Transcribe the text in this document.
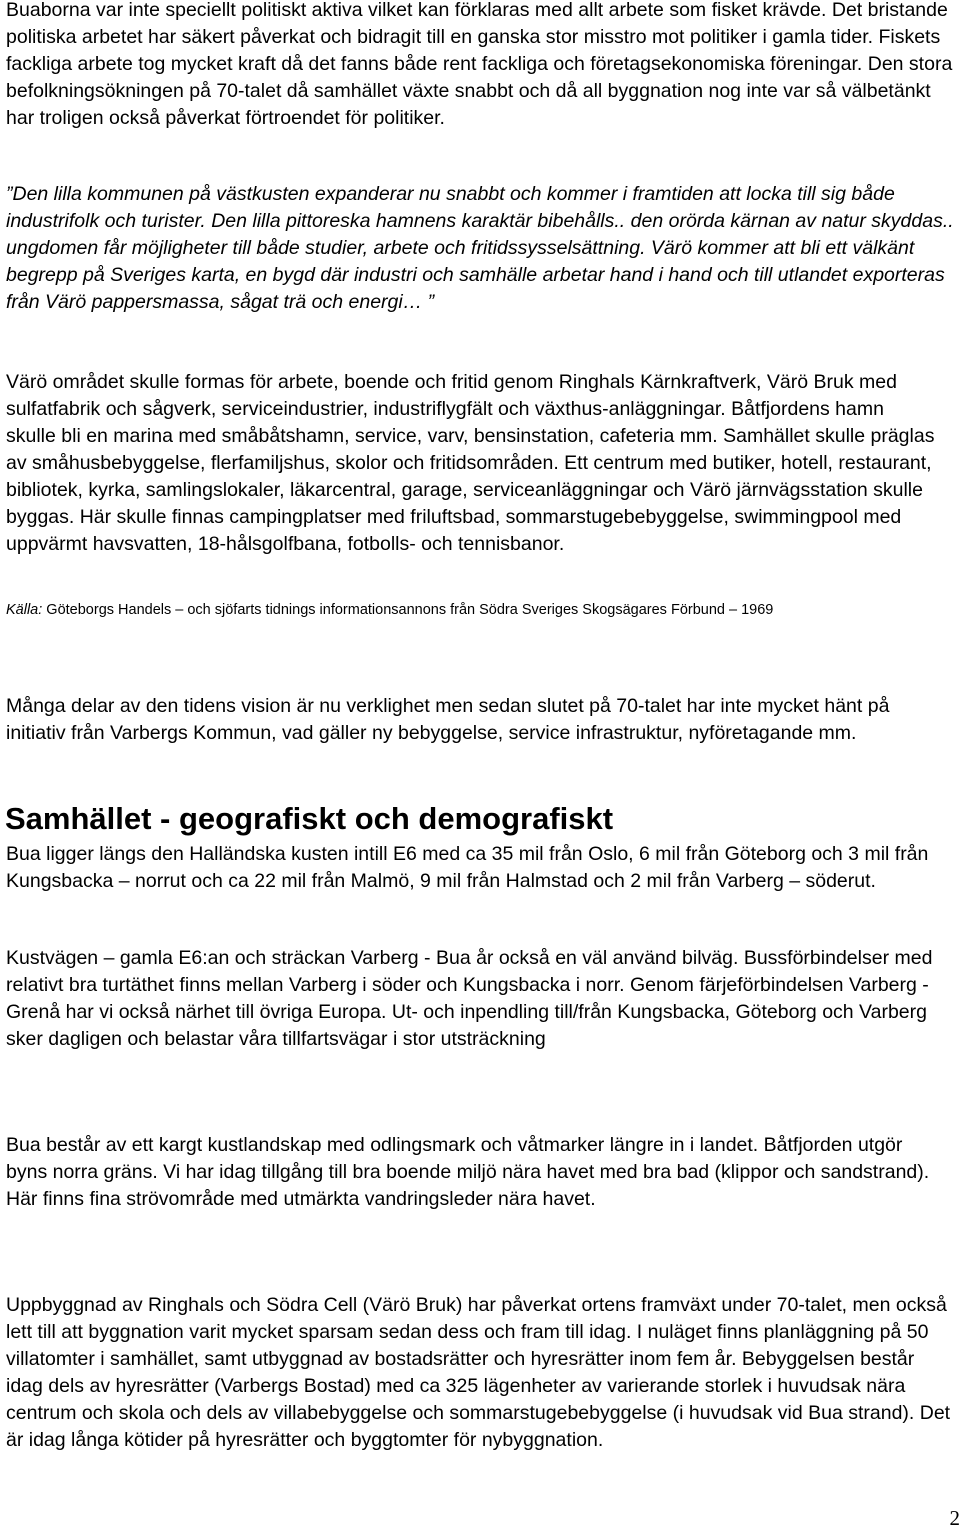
Buaborna var inte speciellt politiskt aktiva vilket kan förklaras med allt arbete som fisket krävde. Det bristande politiska arbetet har säkert påverkat och bidragit till en ganska stor misstro mot politiker i gamla tider. Fiskets fackliga arbete tog mycket kraft då det fanns både rent fackliga och företagsekonomiska föreningar. Den stora befolkningsökningen på 70-talet då samhället växte snabbt och då all byggnation nog inte var så välbetänkt har troligen också påverkat förtroendet för politiker.

”Den lilla kommunen på västkusten expanderar nu snabbt och kommer i framtiden att locka till sig både industrifolk och turister. Den lilla pittoreska hamnens karaktär bibehålls.. den orörda kärnan av natur skyddas.. ungdomen får möjligheter till både studier, arbete och fritidssysselsättning. Värö kommer att bli ett välkänt begrepp på Sveriges karta, en bygd där industri och samhälle arbetar hand i hand och till utlandet exporteras från Värö pappersmassa, sågat trä och energi… ”

Värö området skulle formas för arbete, boende och fritid genom Ringhals Kärnkraftverk, Värö Bruk med sulfatfabrik och sågverk, serviceindustrier, industriflygfält och växthus-anläggningar. Båtfjordens hamn skulle bli en marina med småbåtshamn, service, varv, bensinstation, cafeteria mm. Samhället skulle präglas av småhusbebyggelse, flerfamiljshus, skolor och fritidsområden. Ett centrum med butiker, hotell, restaurant, bibliotek, kyrka, samlingslokaler, läkarcentral, garage, serviceanläggningar och Värö järnvägsstation skulle byggas. Här skulle finnas campingplatser med friluftsbad, sommarstugebebyggelse, swimmingpool med uppvärmt havsvatten, 18-hålsgolfbana, fotbolls- och tennisbanor.

Källa: Göteborgs Handels – och sjöfarts tidnings informationsannons från Södra Sveriges Skogsägares Förbund – 1969

Många delar av den tidens vision är nu verklighet men sedan slutet på 70-talet har inte mycket hänt på initiativ från Varbergs Kommun, vad gäller ny bebyggelse, service infrastruktur, nyföretagande mm.

Samhället - geografiskt och demografiskt

Bua ligger längs den Halländska kusten intill E6 med ca 35 mil från Oslo, 6 mil från Göteborg och 3 mil från Kungsbacka – norrut och ca 22 mil från Malmö, 9 mil från Halmstad och 2 mil från Varberg – söderut.

Kustvägen – gamla E6:an och sträckan Varberg - Bua år också en väl använd bilväg. Bussförbindelser med relativt bra turtäthet finns mellan Varberg i söder och Kungsbacka i norr. Genom färjeförbindelsen Varberg - Grenå har vi också närhet till övriga Europa. Ut- och inpendling till/från Kungsbacka, Göteborg och Varberg sker dagligen och belastar våra tillfartsvägar i stor utsträckning

Bua består av ett kargt kustlandskap med odlingsmark och våtmarker längre in i landet. Båtfjorden utgör byns norra gräns. Vi har idag tillgång till bra boende miljö nära havet med bra bad (klippor och sandstrand). Här finns fina strövområde med utmärkta vandringsleder nära havet.

Uppbyggnad av Ringhals och Södra Cell (Värö Bruk) har påverkat ortens framväxt under 70-talet, men också lett till att byggnation varit mycket sparsam sedan dess och fram till idag. I nuläget finns planläggning på 50 villatomter i samhället, samt utbyggnad av bostadsrätter och hyresrätter inom fem år. Bebyggelsen består idag dels av hyresrätter (Varbergs Bostad) med ca 325 lägenheter av varierande storlek i huvudsak nära centrum och skola och dels av villabebyggelse och sommarstugebebyggelse (i huvudsak vid Bua strand). Det är idag långa kötider på hyresrätter och byggtomter för nybyggnation.

2
